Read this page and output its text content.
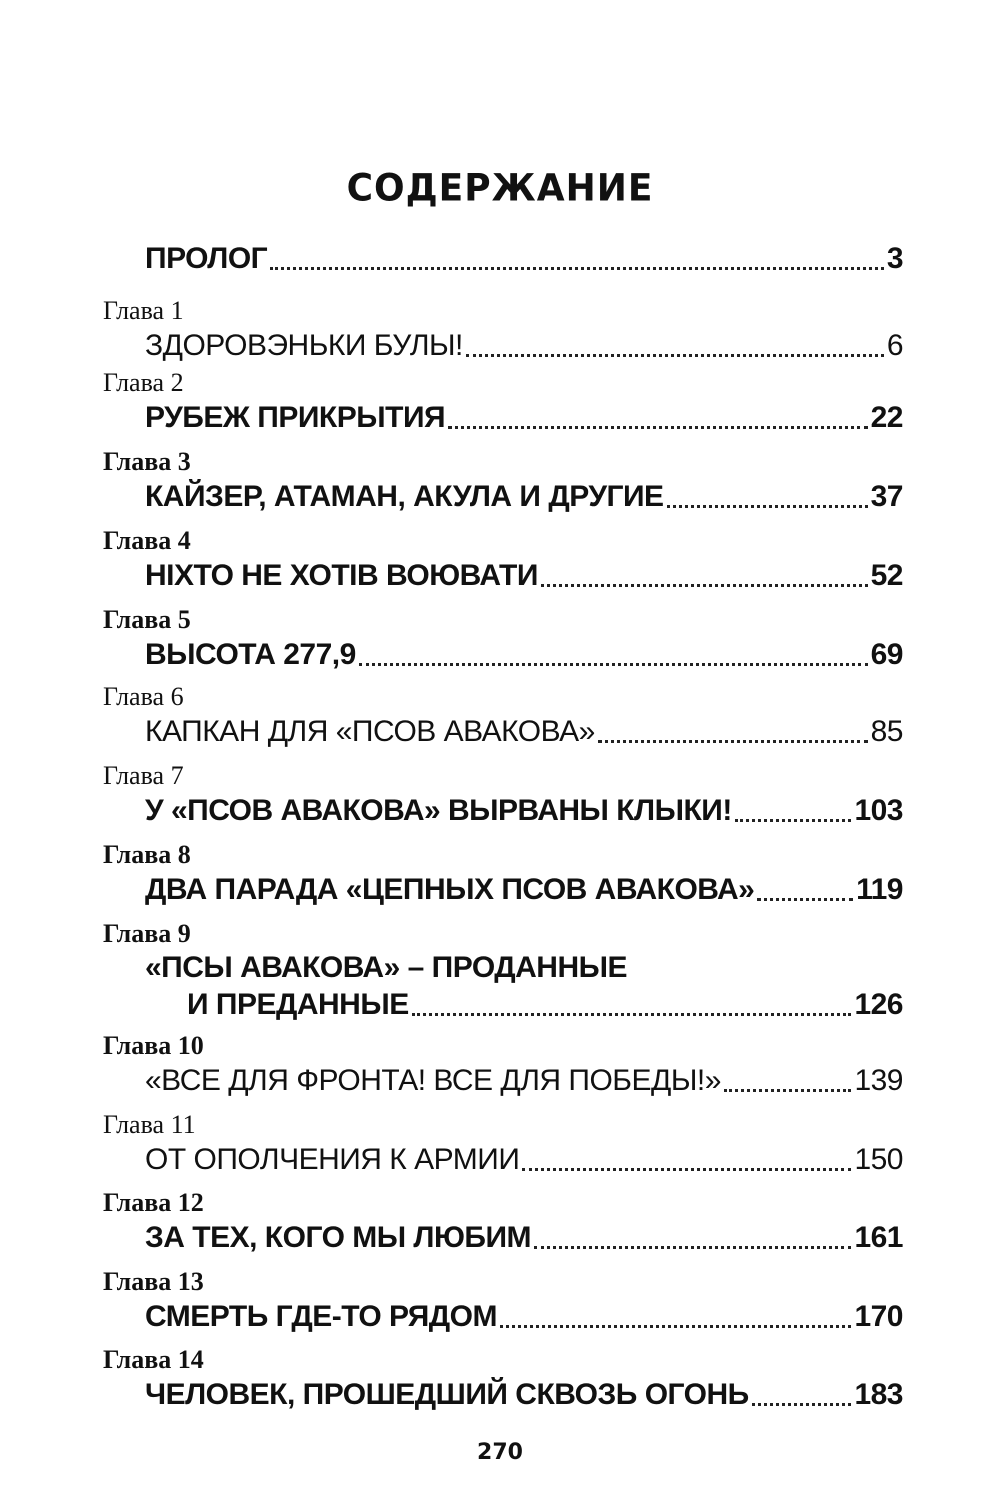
СОДЕРЖАНИЕ
ПРОЛОГ	3
Глава 1
ЗДОРОВЭНЬКИ БУЛЫ!	6
Глава 2
РУБЕЖ ПРИКРЫТИЯ	22
Глава 3
КАЙЗЕР, АТАМАН, АКУЛА И ДРУГИЕ	37
Глава 4
НІХТО НЕ ХОТІВ ВОЮВАТИ	52
Глава 5
ВЫСОТА 277,9	69
Глава 6
КАПКАН ДЛЯ «ПСОВ АВАКОВА»	85
Глава 7
У «ПСОВ АВАКОВА» ВЫРВАНЫ КЛЫКИ!	103
Глава 8
ДВА ПАРАДА «ЦЕПНЫХ ПСОВ АВАКОВА»	119
Глава 9
«ПСЫ АВАКОВА» – ПРОДАННЫЕ
И ПРЕДАННЫЕ	126
Глава 10
«ВСЕ ДЛЯ ФРОНТА! ВСЕ ДЛЯ ПОБЕДЫ!»	139
Глава 11
ОТ ОПОЛЧЕНИЯ К АРМИИ	150
Глава 12
ЗА ТЕХ, КОГО МЫ ЛЮБИМ	161
Глава 13
СМЕРТЬ ГДЕ-ТО РЯДОМ	170
Глава 14
ЧЕЛОВЕК, ПРОШЕДШИЙ СКВОЗЬ ОГОНЬ	183
270
